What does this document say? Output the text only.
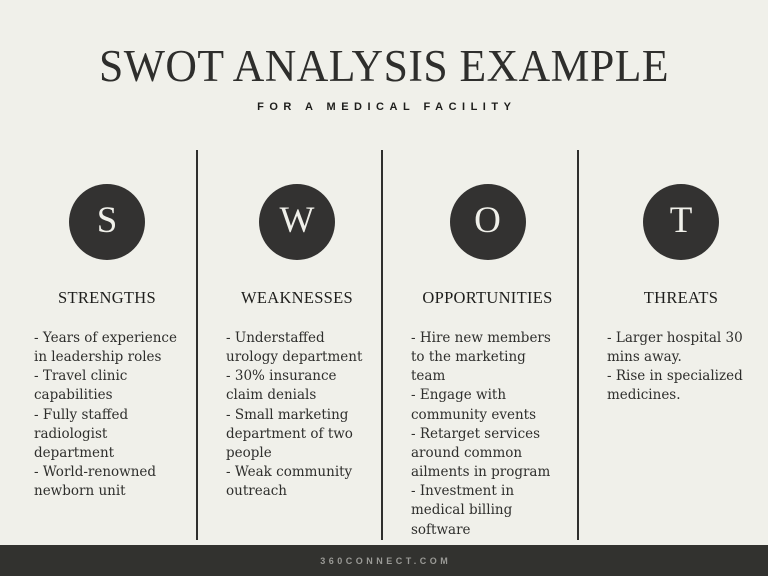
SWOT ANALYSIS EXAMPLE
FOR A MEDICAL FACILITY
S
STRENGTHS

- Years of experience in leadership roles

- Travel clinic capabilities

- Fully staffed radiologist department

- World-renowned newborn unit

W
WEAKNESSES

- Understaffed urology department

- 30% insurance claim denials

- Small marketing department of two people

- Weak community outreach

O
OPPORTUNITIES

- Hire new members to the marketing team

- Engage with community events

- Retarget services around common ailments in program

- Investment in medical billing software

T
THREATS

- Larger hospital 30 mins away.

- Rise in specialized medicines.

360CONNECT.COM
